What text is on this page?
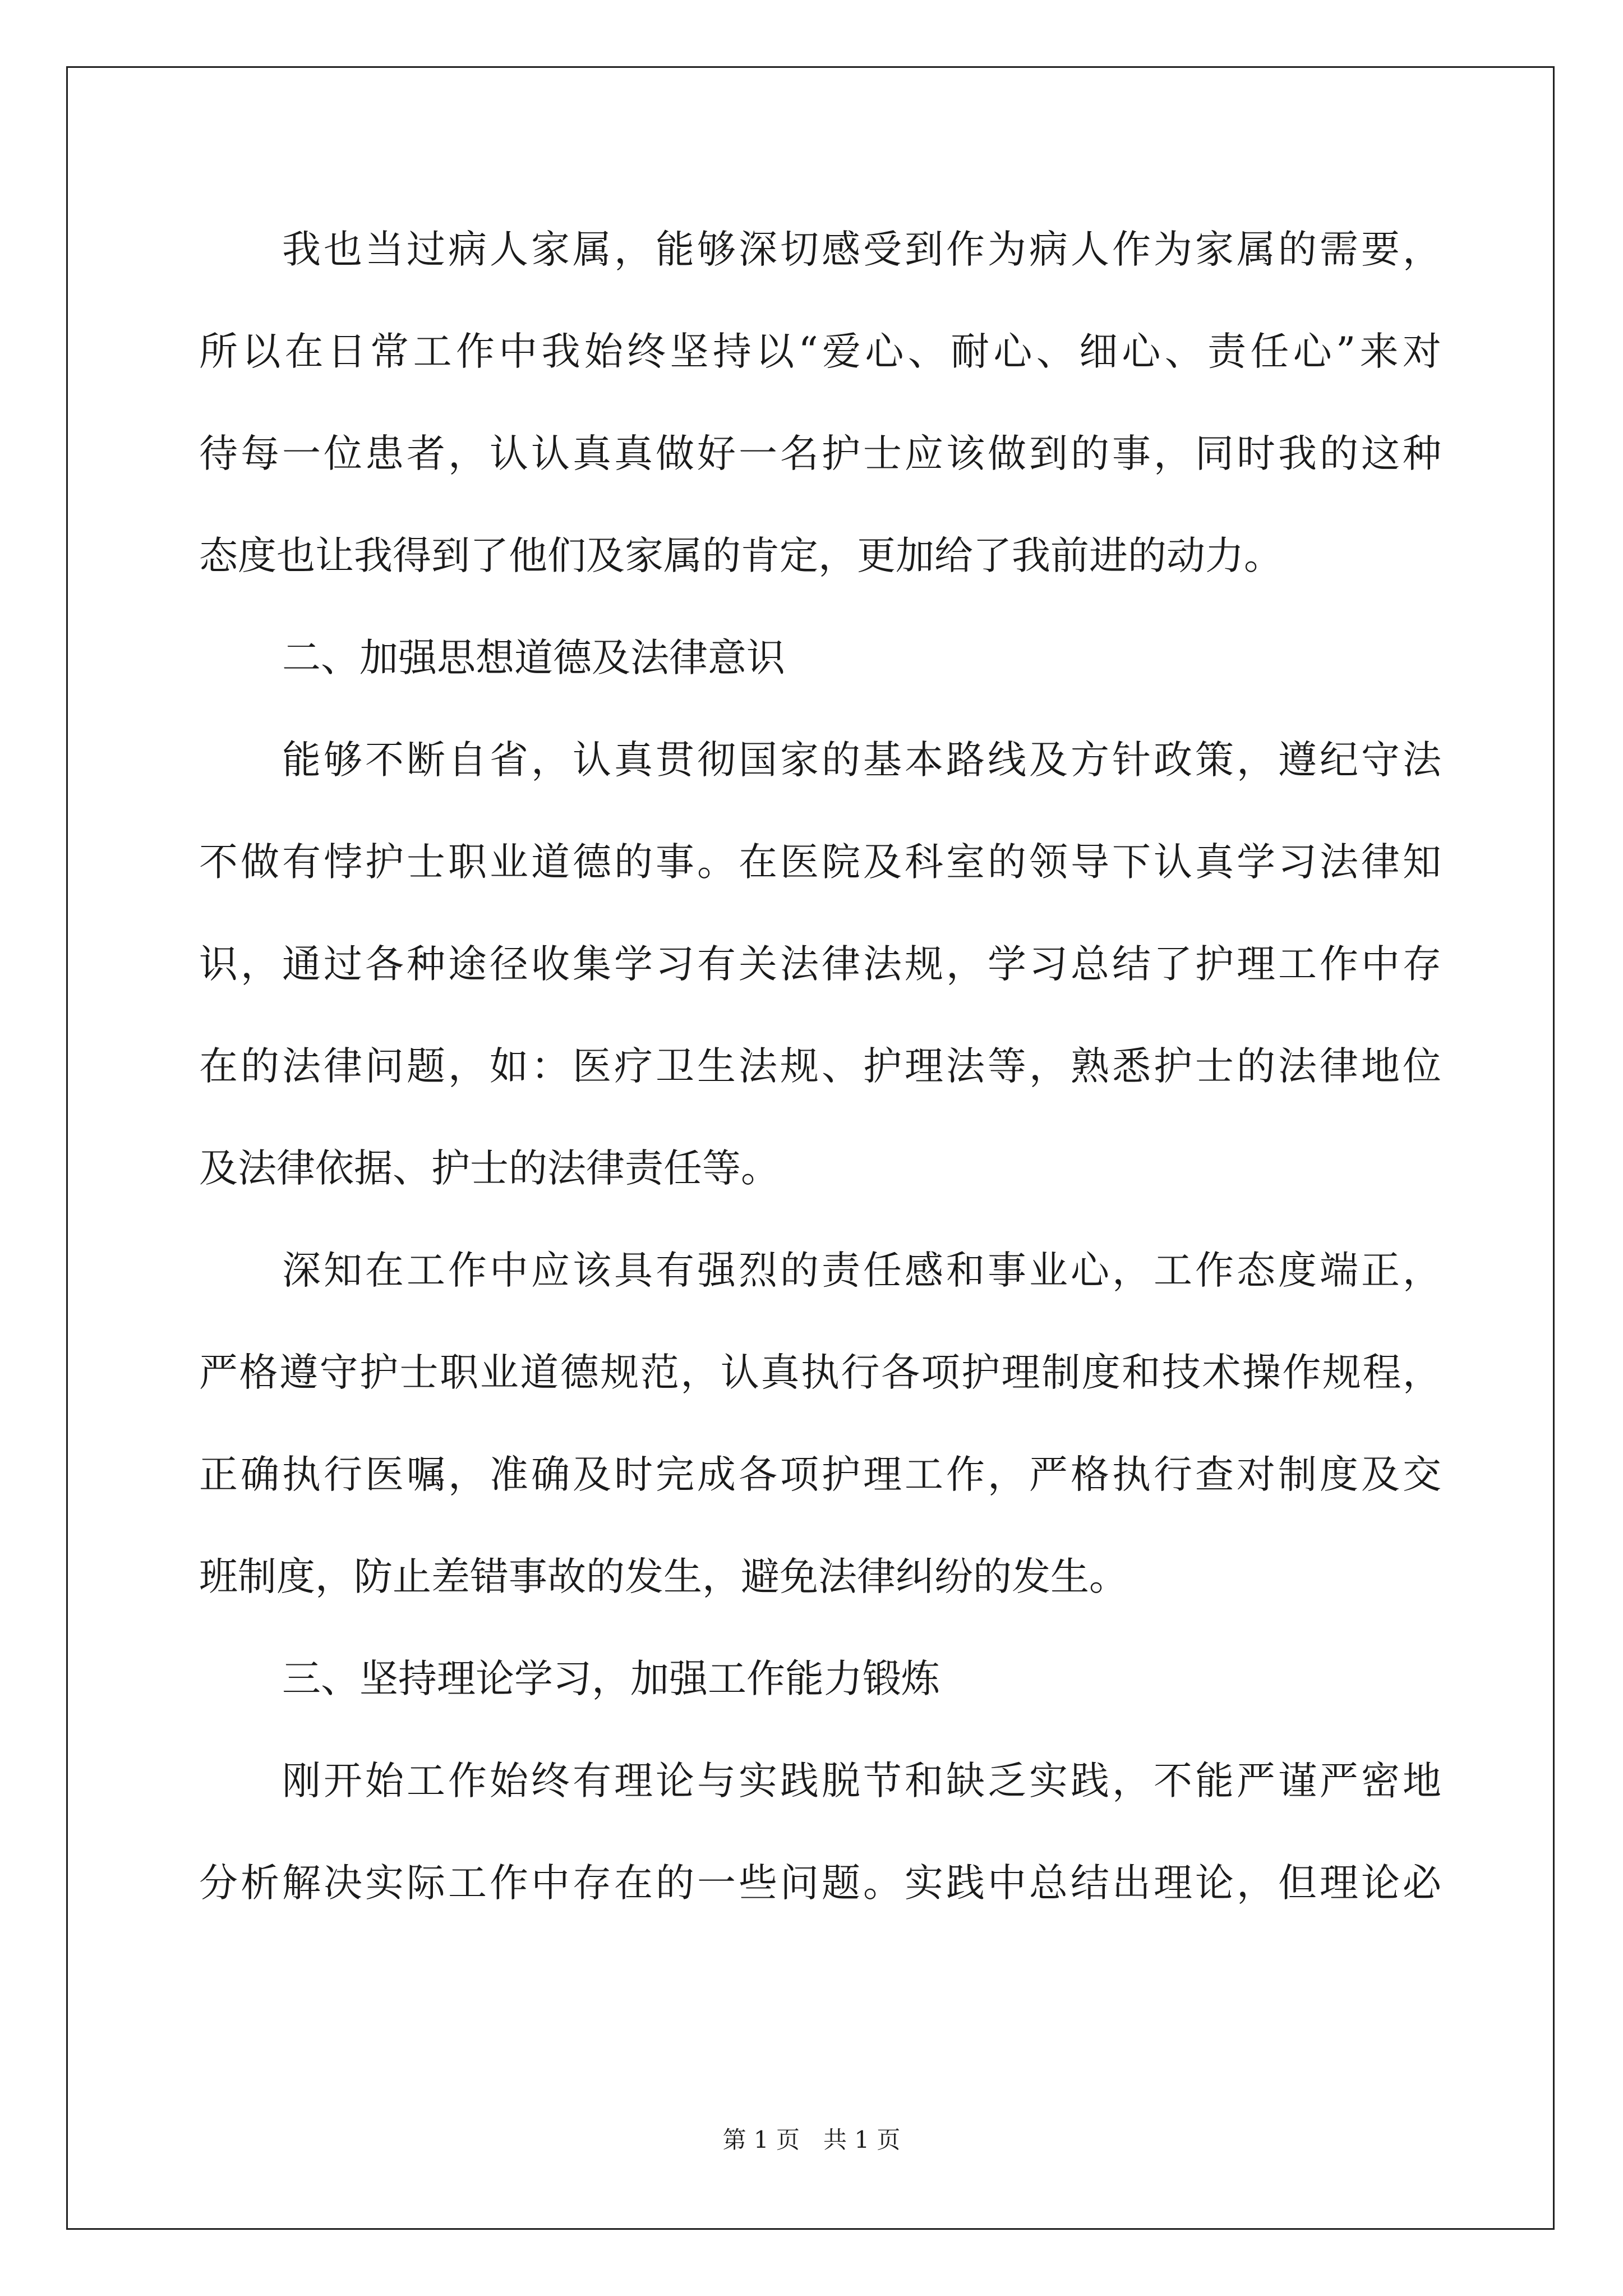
我也当过病人家属，能够深切感受到作为病人作为家属的需要，
所以在日常工作中我始终坚持以“爱心、耐心、细心、责任心”来对
待每一位患者，认认真真做好一名护士应该做到的事，同时我的这种
态度也让我得到了他们及家属的肯定，更加给了我前进的动力。
二、加强思想道德及法律意识
能够不断自省，认真贯彻国家的基本路线及方针政策，遵纪守法
不做有悖护士职业道德的事。在医院及科室的领导下认真学习法律知
识，通过各种途径收集学习有关法律法规，学习总结了护理工作中存
在的法律问题，如：医疗卫生法规、护理法等，熟悉护士的法律地位
及法律依据、护士的法律责任等。
深知在工作中应该具有强烈的责任感和事业心，工作态度端正，
严格遵守护士职业道德规范，认真执行各项护理制度和技术操作规程，
正确执行医嘱，准确及时完成各项护理工作，严格执行查对制度及交
班制度，防止差错事故的发生，避免法律纠纷的发生。
三、坚持理论学习，加强工作能力锻炼
刚开始工作始终有理论与实践脱节和缺乏实践，不能严谨严密地
分析解决实际工作中存在的一些问题。实践中总结出理论，但理论必
第 1 页　共 1 页
